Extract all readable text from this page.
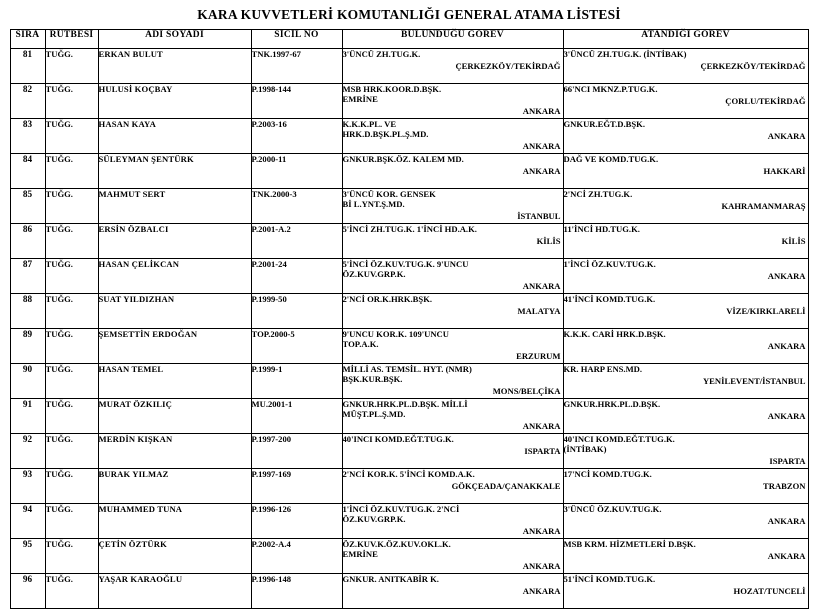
KARA KUVVETLERİ KOMUTANLIĞI GENERAL ATAMA LİSTESİ
SIRA	RÜTBESİ	ADI SOYADI	SİCİL NO	BULUNDUĞU GÖREV	ATANDIĞI GÖREV
81	TUĞG.	ERKAN BULUT	TNK.1997-67	3'ÜNCÜ ZH.TUG.K.
ÇERKEZKÖY/TEKİRDAĞ	3'ÜNCÜ ZH.TUG.K. (İNTİBAK)
ÇERKEZKÖY/TEKİRDAĞ

82	TUĞG.	HULUSİ KOÇBAY	P.1998-144	MSB HRK.KOOR.D.BŞK.
EMRİNE
ANKARA	66'NCI MKNZ.P.TUG.K.
ÇORLU/TEKİRDAĞ

83	TUĞG.	HASAN KAYA	P.2003-16	K.K.K.PL. VE
HRK.D.BŞK.PL.Ş.MD.
ANKARA	GNKUR.EĞT.D.BŞK.
ANKARA

84	TUĞG.	SÜLEYMAN ŞENTÜRK	P.2000-11	GNKUR.BŞK.ÖZ. KALEM MD.
ANKARA	DAĞ VE KOMD.TUG.K.
HAKKARİ

85	TUĞG.	MAHMUT SERT	TNK.2000-3	3'ÜNCÜ KOR. GENSEK
Bİ L.YNT.Ş.MD.
İSTANBUL	2'NCİ ZH.TUG.K.
KAHRAMANMARAŞ

86	TUĞG.	ERSİN ÖZBALCI	P.2001-A.2	5'İNCİ ZH.TUG.K. 1'İNCİ HD.A.K.
KİLİS	11'İNCİ HD.TUG.K.
KİLİS

87	TUĞG.	HASAN ÇELİKCAN	P.2001-24	5'İNCİ ÖZ.KUV.TUG.K. 9'UNCU
ÖZ.KUV.GRP.K.
ANKARA	1'İNCİ ÖZ.KUV.TUG.K.
ANKARA

88	TUĞG.	SUAT YILDIZHAN	P.1999-50	2'NCİ OR.K.HRK.BŞK.
MALATYA	41'İNCİ KOMD.TUG.K.
VİZE/KIRKLARELİ

89	TUĞG.	ŞEMSETTİN ERDOĞAN	TOP.2000-5	9'UNCU KOR.K. 109'UNCU
TOP.A.K.
ERZURUM	K.K.K. CARİ HRK.D.BŞK.
ANKARA

90	TUĞG.	HASAN TEMEL	P.1999-1	MİLLİ AS. TEMSİL. HYT. (NMR)
BŞK.KUR.BŞK.
MONS/BELÇİKA	KR. HARP ENS.MD.
YENİLEVENT/İSTANBUL

91	TUĞG.	MURAT ÖZKILIÇ	MU.2001-1	GNKUR.HRK.PL.D.BŞK. MİLLİ
MÜŞT.PL.Ş.MD.
ANKARA	GNKUR.HRK.PL.D.BŞK.
ANKARA

92	TUĞG.	MERDİN KIŞKAN	P.1997-200	40'INCI KOMD.EĞT.TUG.K.
ISPARTA	40'INCI KOMD.EĞT.TUG.K.
(İNTİBAK)
ISPARTA

93	TUĞG.	BURAK YILMAZ	P.1997-169	2'NCİ KOR.K. 5'İNCİ KOMD.A.K.
GÖKÇEADA/ÇANAKKALE	17'NCİ KOMD.TUG.K.
TRABZON

94	TUĞG.	MUHAMMED TUNA	P.1996-126	1'İNCİ ÖZ.KUV.TUG.K. 2'NCİ
ÖZ.KUV.GRP.K.
ANKARA	3'ÜNCÜ ÖZ.KUV.TUG.K.
ANKARA

95	TUĞG.	ÇETİN ÖZTÜRK	P.2002-A.4	ÖZ.KUV.K.ÖZ.KUV.OKL.K.
EMRİNE
ANKARA	MSB KRM. HİZMETLERİ D.BŞK.
ANKARA

96	TUĞG.	YAŞAR KARAOĞLU	P.1996-148	GNKUR. ANITKABİR K.
ANKARA	51'İNCİ KOMD.TUG.K.
HOZAT/TUNCELİ
